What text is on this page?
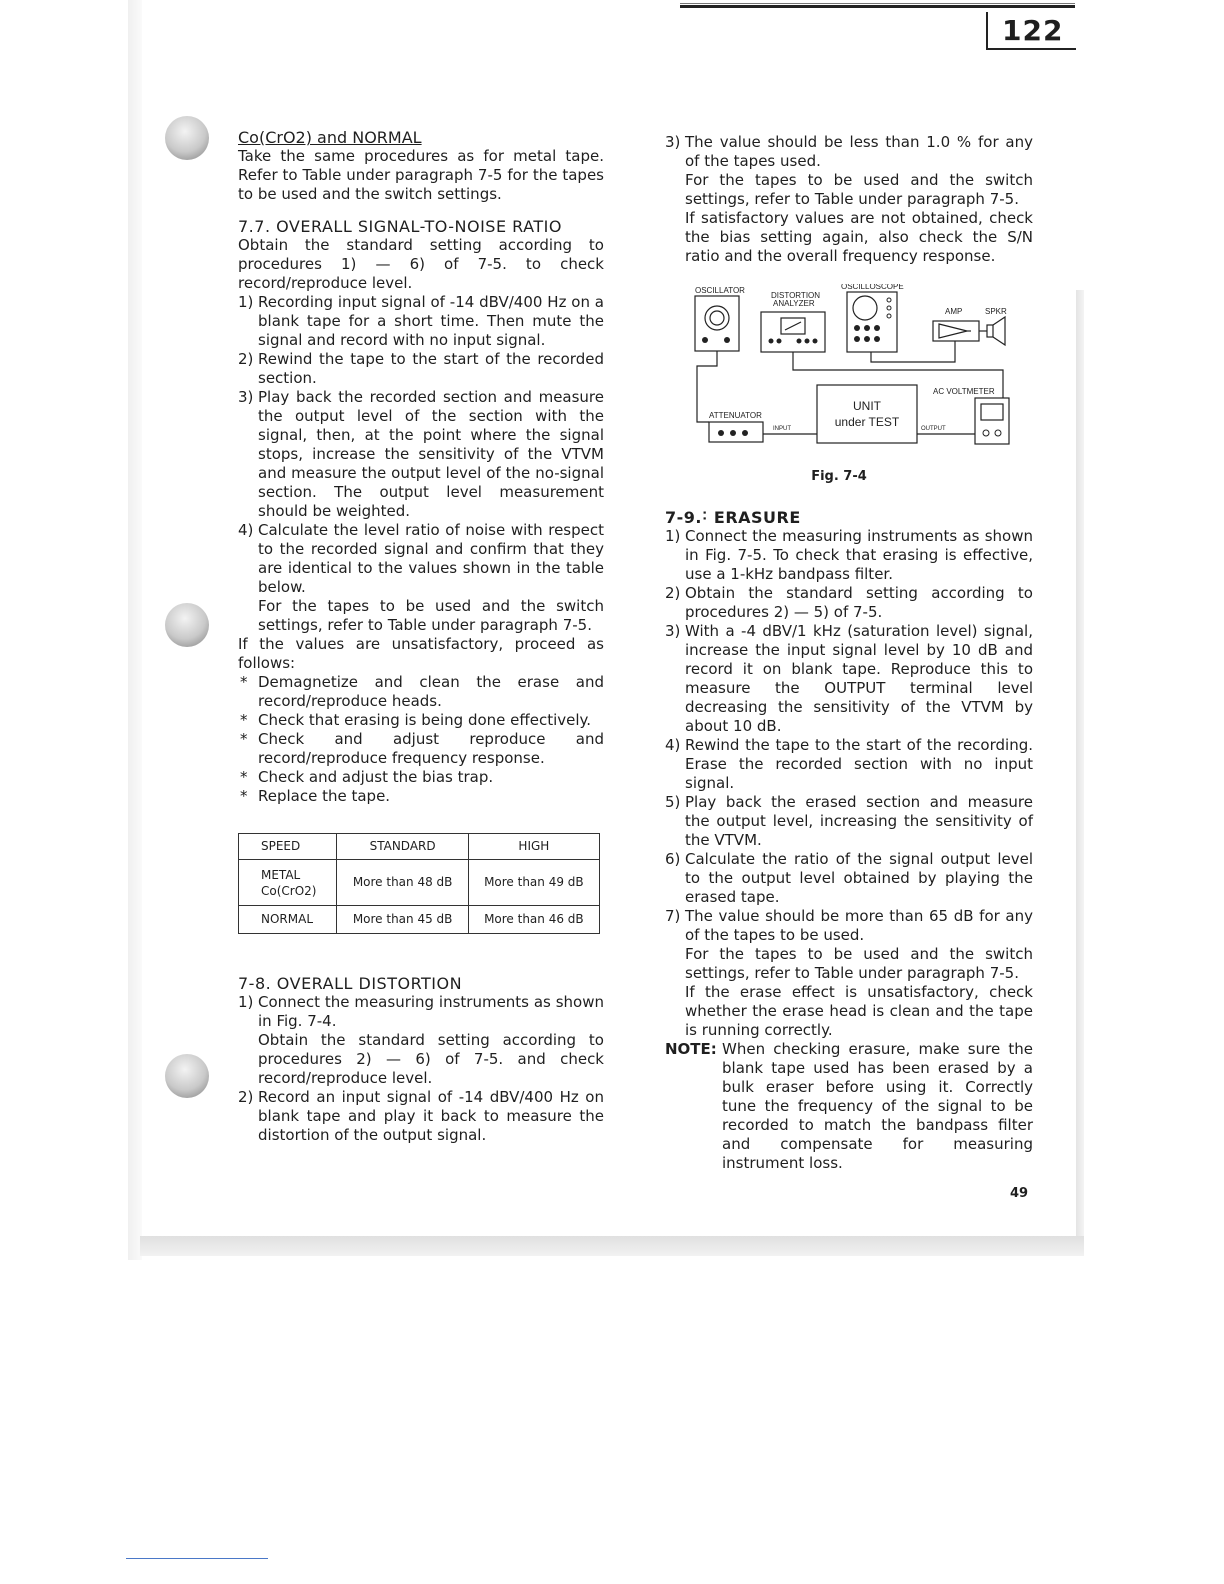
122

Co(CrO2) and NORMAL

Take the same procedures as for metal tape. Refer to Table under paragraph 7-5 for the tapes to be used and the switch settings.

7.7. OVERALL SIGNAL-TO-NOISE RATIO

Obtain the standard setting according to procedures 1) — 6) of 7-5. to check record/reproduce level.

1) Recording input signal of -14 dBV/400 Hz on a blank tape for a short time. Then mute the signal and record with no input signal.
2) Rewind the tape to the start of the recorded section.
3) Play back the recorded section and measure the output level of the section with the signal, then, at the point where the signal stops, increase the sensitivity of the VTVM and measure the output level of the no-signal section. The output level measurement should be weighted.
4) Calculate the level ratio of noise with respect to the recorded signal and confirm that they are identical to the values shown in the table below.

For the tapes to be used and the switch settings, refer to Table under paragraph 7-5.

If the values are unsatisfactory, proceed as follows:

* Demagnetize and clean the erase and record/reproduce heads.
* Check that erasing is being done effectively.
* Check and adjust reproduce and record/reproduce frequency response.
* Check and adjust the bias trap.
* Replace the tape.
SPEED	STANDARD	HIGH

METAL
Co(CrO2)	More than 48 dB	More than 49 dB
NORMAL	More than 45 dB	More than 46 dB

7-8. OVERALL DISTORTION

1) Connect the measuring instruments as shown in Fig. 7-4.

Obtain the standard setting according to procedures 2) — 6) of 7-5. and check record/reproduce level.

2) Record an input signal of -14 dBV/400 Hz on blank tape and play it back to measure the distortion of the output signal.
3) The value should be less than 1.0 % for any of the tapes used.

For the tapes to be used and the switch settings, refer to Table under paragraph 7-5.

If satisfactory values are not obtained, check the bias setting again, also check the S/N ratio and the overall frequency response.

OSCILLATOR
DISTORTION
ANALYZER
OSCILLOSCOPE
AMP	SPKR
AC VOLTMETER
ATTENUATOR
INPUT	OUTPUT
UNIT
under TEST

Fig. 7-4

7-9.˸ ERASURE

1) Connect the measuring instruments as shown in Fig. 7-5. To check that erasing is effective, use a 1-kHz bandpass filter.
2) Obtain the standard setting according to procedures 2) — 5) of 7-5.
3) With a -4 dBV/1 kHz (saturation level) signal, increase the input signal level by 10 dB and record it on blank tape. Reproduce this to measure the OUTPUT terminal level decreasing the sensitivity of the VTVM by about 10 dB.
4) Rewind the tape to the start of the recording. Erase the recorded section with no input signal.
5) Play back the erased section and measure the output level, increasing the sensitivity of the VTVM.
6) Calculate the ratio of the signal output level to the output level obtained by playing the erased tape.
7) The value should be more than 65 dB for any of the tapes to be used.

For the tapes to be used and the switch settings, refer to Table under paragraph 7-5.

If the erase effect is unsatisfactory, check whether the erase head is clean and the tape is running correctly.

NOTE: When checking erasure, make sure the blank tape used has been erased by a bulk eraser before using it. Correctly tune the frequency of the signal to be recorded to match the bandpass filter and compensate for measuring instrument loss.
49
